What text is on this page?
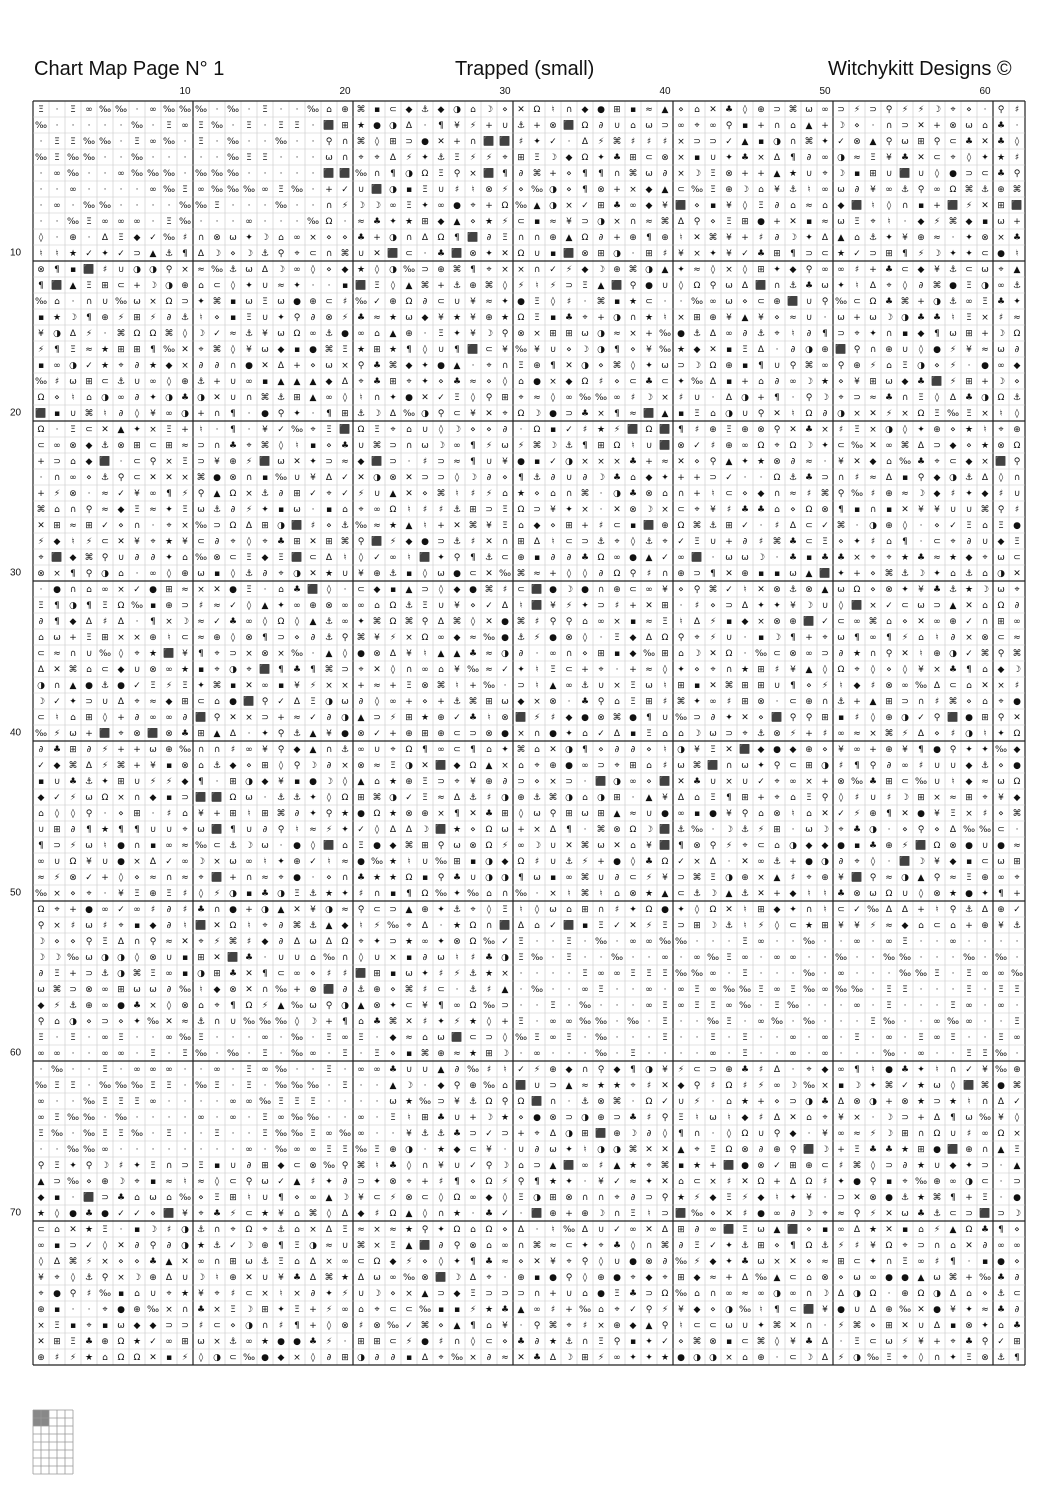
Chart Map Page N° 1	Trapped (small)	Witchykitt Designs ©
10	20	30	40	50	60
10
20
30
40
50
60
70
Ξ · Ξ ∞ ‰ ‰ · ∞ ‰ ‰ ‰ · ‰ · Ξ · · ‰ ⌂ ⊕ ⌘ ▪ ⊂ ◆ ⚓ ◆ ◑ ⌂ ☽ ⋄ ✕ Ω ♮ ∩ ◆ ● ⊞ ▪ ≈ ▲ ⋄ ⌂ ✕ ♣ ◊ ⊕ ⊃ ⌘ ω ∞ ⊃ ⚡ ⊃ ⚲ ⚡ ⚡ ☽ ⌖ ⋄ · ⚲ ♯
‰ · · · · · ‰ · Ξ ∞ Ξ ‰ · Ξ · Ξ Ξ · ⬛ ⊞ ★ ● ◑ Δ · ¶ ¥ ⚡ + ∪ ⚓ + ⊗ ⬛ Ω ∂ ∪ ⌂ ω ⊃ ∞ ⌖ ∞ ⚲ ▪ + ∩ ⌂ ▲ + ☽ ⋄ · ∩ ⊃ ✕ + ⊗ ω ⌂ ♣ ·
· Ξ Ξ ‰ ‰ · Ξ ∞ ‰ · Ξ · ‰ · · ‰ · · ⚲ ∩ ⌘ ◊ ⊞ ⊃ ● ✕ + ∩ ⬛ ⬛ ♯ ✦ ✓ · Δ ⚡ ⌘ ♯ ♯ ♯ × ⊃ ⊃ ✓ ▲ ▪ ◑ ∩ ⌘ ✦ ✓ ⊗ ▲ ⚲ ω ⊞ ⚲ ⊂ ♣ ✕ ♣ ◊
‰ Ξ ‰ ‰ · · ‰ · · · · · ‰ Ξ Ξ · · · ω ∩ ⌖ ⌖ Δ ⚡ ✦ ⚓ Ξ ⚡ ⚡ ⌖ ⊞ Ξ ☽ ◆ Ω ✦ ♣ ⊞ ⊂ ⊗ × ▪ ∪ ✦ ♣ × Δ ¶ ∂ ∞ ◑ ≈ Ξ ¥ ♣ ✕ ⊂ ⌖ ◊ ✦ ★ ♯
· ∞ ‰ · · ∞ ‰ ‰ ‰ · ‰ ‰ ‰ · · · · · ⬛ ⬛ ‰ ∩ ¶ ◑ Ω Ξ ⚲ × ⬛ ¶ ∂ ⌘ + ⋄ ¶ ¶ ∩ ⌘ ω ∂ × ☽ Ξ ⊗ + + ▲ ★ ∪ ⌖ ☽ ▪ ⊞ ∪ ⬛ ∪ ◊ ● ⊃ ⊂ ♣ ⚲
· · ∞ · · · · ∞ ‰ Ξ ∞ ‰ ‰ ‰ ∞ Ξ ‰ · + ✓ ∪ ⬛ ◑ ▪ Ξ ∪ ♯ ♮ ⊗ ⚡ ⋄ ‰ ◑ ⋄ ¶ ⊗ + × ◆ ▲ ⊂ ‰ Ξ ⊕ ☽ ⌂ ¥ ⚓ ♮ ∞ ω ∂ ¥ ∞ ⚓ ⚲ ∞ Ω ⌘ ⚓ ⊕ ⌘
· ∞ · ‰ ‰ · · · · ‰ ‰ Ξ · · · ‰ · · ∩ ⚡ ☽ ☽ ∞ Ξ ✦ ∞ ● ⌖ + Ω ‰ ▲ ◑ × ✓ ⊞ ♣ ∞ ◆ ¥ ⬛ ⋄ ▪ ¥ ◊ Ξ ∂ ⌂ ≈ ⌂ ◆ ⬛ ♮ ◊ ∩ ▪ + ⬛ ⚡ ✕ ⊞ ⬛
· · ‰ Ξ ∞ ∞ ∞ · Ξ ‰ · · · ∞ · · · ‰ Ω · ≈ ♣ ✦ ★ ⊞ ◆ ▲ ⋄ ★ ⚡ ⊂ ▪ ≈ ¥ ⊃ ◑ × ∩ ≈ ⌘ Δ ⚲ ⋄ Ξ ⊞ ● + ✕ ▪ ≈ ω Ξ ⌖ ♮ · ◆ ⚡ ⌘ ◆ ▪ ω +
◊ · ⊕ · Δ Ξ ◆ ✓ ‰ ♯ ∩ ⊗ ω ✦ ☽ ⌂ ∞ × ⋄ ⋄ ♣ + ◑ ∩ Δ Ω ¶ ⬛ ∂ Ξ ∩ ∩ ⊕ ▲ Ω ∂ + ⊕ ¶ ⊕ ♮ ✕ ⌘ ¥ + ♯ ∂ ☽ ✦ Δ ▲ ⌂ ⚓ ✦ ¥ ⊕ ≈ · ✦ ⊗ × ♣
♮ ♮ ★ ✓ ✦ ✓ ⊃ ▲ ⚓ ¶ Δ ☽ ⋄ ☽ ⚓ ⚲ ⌖ ⊂ ∩ ⌘ ∪ ✕ ⬛ ⊂ · ♣ ⬛ ⊗ ✦ ✕ Ω ∪ ▪ ⬛ ⊗ ⊞ ◑ · ⊞ ♯ ¥ × ✦ ¥ ✓ ♣ ⊞ ¶ ⊃ ⊂ ★ ✓ ⊃ ⊞ ¶ ⚡ ☽ ✦ ✦ ⊂ ● ♮
⊗ ¶ ▪ ⬛ ♯ ∪ ◑ ◑ ⚲ × ≈ ‰ ⚓ ω Δ ☽ ∞ ◊ ⋄ ◆ ★ ◊ ◑ ‰ ⊃ ⊕ ⌘ ¶ ⌖ × × ∩ ✓ ⚡ ◆ ☽ ⊕ ⌘ ◑ ▲ ✦ ≈ ◊ × ◊ ⊞ ✦ ◆ ⚲ ∞ ∞ ♯ + ♣ ⊂ ◆ ¥ ⚓ ⊂ ω ⌖ ▲
¶ ⬛ ▲ Ξ ⊞ ⊂ + ☽ ◑ ⊕ ⌂ ⊂ ◊ ✦ ∪ ≈ ✦ · · ▪ ⬛ Ξ ◊ ▲ ⌘ + ⚓ ⊕ ⌘ ◊ ⚡ ♮ ⚡ ⊃ Ξ ▲ ⬛ ⚲ ● ∪ ◊ Ω ⚲ ω Δ ⬛ ∩ ⚓ ♣ ω ✦ ♮ Δ ⌖ ◊ ∂ ⌘ ● Ξ ◑ ∞ ⚓
‰ ⌂ · ∩ ∪ ‰ ω × Ω ⊃ ✦ ⌘ ▪ ω Ξ ω ● ⊕ ⊂ ♯ ‰ ✓ ⊕ Ω ∂ ⊂ ∪ ¥ ≈ ✦ ● Ξ ◊ ♯ · ⌘ ▪ ★ ⊂ · · ‰ ∞ ω ⋄ ⊂ ⊕ ⬛ ∪ ⚲ ‰ ⊂ Ω ♣ ⌘ + ◑ ⚓ ∞ Ξ ♣ ✦
▪ ★ ☽ ¶ ⊕ ⚡ ⊞ ⚡ ∂ ⚓ ♮ ⋄ ▪ Ξ ∪ ✦ ⚲ ∂ ⊗ ⚡ ♣ ≈ ★ ω ◆ ¥ ★ ¥ ⊕ ★ Ω Ξ ▪ ♣ ⌖ + ◑ ∩ ★ ♮ × ⊞ ⊕ ¥ ▲ ¥ ⋄ ≈ ∪ · ω + ω ☽ ◑ ♣ ♣ ♮ Ξ × ♯ ≈
¥ ◑ Δ ⚡ · ⌘ Ω Ω ⌘ ◊ ☽ ✓ ≈ ⚓ ¥ ω Ω ∞ ⚓ ● ∞ ⌂ ▲ ⊕ · Ξ ✦ ¥ ☽ ⚲ ⊗ × ⊞ ⊞ ω ◑ ≈ × + ‰ ● ⚓ Δ ∞ ∂ ⚓ ⌖ ♮ ∂ ¶ ⊃ ⌖ ✦ ∩ ▪ ◆ ¶ ω ⊞ + ☽ Ω
⚡ ¶ Ξ ≈ ★ ⊞ ⊞ ¶ ‰ ✕ ⌖ ⌘ ◊ ¥ ω ◆ ▪ ● ⌘ Ξ ★ ⊞ ★ ¶ ◊ ∪ ¶ ⬛ ⊂ ¥ ‰ ¥ ∪ ⋄ ☽ ◑ ¶ ⋄ ¥ ‰ ★ ◆ ✕ ▪ Ξ Δ · ∂ ◑ ⊕ ⬛ ⚲ ∩ ⊕ ∪ ◊ ● ⚡ ¥ ≈ ω ∂
▪ ∞ ◑ ✓ ★ ⌖ ∂ ★ ◆ × ∂ ∂ ∩ ● ✕ Δ + ⋄ ω × ⚲ ♣ ⌘ ◆ ✦ ● ▲ · ⌖ ∩ Ξ ⊕ ¶ ✕ ◑ ⋄ ⌘ ◊ ✦ ω ⊃ ☽ Ω ⊕ ▪ ¶ ∪ ⚲ ⌘ ∞ ⚲ ⊕ ⚡ ⌂ Ξ ◑ ⋄ ⚡ · ● ∞ ◆
‰ ♯ ω ⊞ ⊂ ⚓ ∪ ∞ ◊ ⊕ ⚓ + ∪ ∞ ▪ ▲ ▲ ▲ ◆ Δ ⌖ ♣ ⊞ ⌖ ✦ ⋄ ♣ ≈ ⋄ ◊ ⌂ ● × ◆ Ω ♯ ⋄ ⊂ ♣ ⊂ ✦ ‰ Δ ▪ + ⌂ ∂ ∞ ☽ ★ ⋄ ¥ ⊞ ω ◆ ♣ ⬛ ⚡ ⊞ + ☽ ⋄
Ω ⋄ ♮ ⌂ ◑ ∞ ∂ ✦ ◑ ♣ ◑ ✕ ∪ ∩ ⌘ ⚓ ⊞ ▲ ∞ ◊ ♮ ∩ ✦ ● ✕ ✓ Ξ ◊ ⚲ ⊞ ⌖ ≈ ◊ ∞ ‰ ‰ ∞ ♯ ☽ × ♯ ∪ · Δ ◑ + ¶ · ⚲ ☽ ⌖ ⊃ ≈ ♣ ∩ Ξ ◊ Δ ♣ ◑ Ω ⚓
⬛ ▪ ∪ ⌘ ♮ ∂ ◊ ¥ ∞ ◑ + ∩ ¶ · ● ⚲ ✦ · ¶ ⊞ ⚓ ☽ Δ ‰ ◑ ⚲ ⊂ ¥ ✕ ⌖ Ω ☽ ● ⊃ ♣ × ¶ ≈ ⬛ ▲ ▪ Ξ ⌂ ◑ ∪ ⚲ ✕ ♮ Ω ∂ ◑ × ✕ ⚡ × Ω Ξ ‰ Ξ × ♮ ◊
Ω · Ξ ⊂ ✕ ▲ ✦ × Ξ + ♮ · ¶ · ¥ ✓ ‰ ⌖ Ξ ⬛ Ω Ξ ⌖ ⌂ ∪ ◊ ☽ ⋄ ⋄ ∂ · Ω ▪ ✓ ♯ ★ ⚡ ⬛ Ω ⬛ ¶ ♯ ⊕ Ξ ⊕ ⊗ ⚲ ✕ ♣ × ♯ Ξ × ◑ ◊ ✦ ⊕ ⋄ ★ ♮ ⌖ ⊕
⊂ ∞ ⊗ ◆ ⚓ ⊗ ⊞ ⊂ ⊞ ≈ ⊃ ∩ ♣ ⌖ ⌘ ◊ ♮ ▪ ⋄ ♣ ∪ ⌘ ⊃ ∩ ω ☽ ∞ ¶ ⚡ ω ⚡ ⌘ ☽ ⚓ ¶ ⊞ Ω ♮ ∪ ⬛ ⊗ ✓ ♯ ⊕ ∞ Ω ⌖ Ω ☽ ✦ ⊂ ‰ ✕ ∞ ⌘ Δ ⊃ ◆ ⋄ ★ ⊗ Ω
+ ⊃ ⌂ ◆ ⬛ · ⊂ ⚲ × Ξ ⊃ ¥ ⊕ ⚡ ⬛ ω ✕ ✦ ⊃ ≈ ◆ ⬛ ⊃ · ♯ ⊃ ≈ ¶ ∪ ¥ ● ▪ ✓ ◑ × × × ♣ + ≈ ✕ ⋄ ⚲ ▲ ✦ ★ ⊗ ∂ ≈ · ¥ ✕ ◆ ⌂ ‰ ♣ ⌖ ⊂ ◆ × ⬛ ⚲
· ∩ ∞ ⋄ ⚓ ⚲ ⊂ ✕ ✕ × ⌘ ● ⊗ ∩ ▪ ‰ ∪ ¥ Δ ✓ ✕ ◑ ⊗ ✕ ⊃ ⊃ ◊ ☽ ∂ ⋄ ¶ ⚓ ∂ ∪ ∂ ☽ ♣ ⌂ ◆ ✦ + + ⊃ ✓ · · Ω ⚓ ♣ ⊃ ∩ ♯ ≈ Δ ▪ ⚲ ◆ ◑ ⚓ Δ ◊ ∩
+ ⚡ ⊗ · ≈ ✓ ¥ ∞ ¶ ⚡ ⚲ ▲ Ω × ⚓ ∂ ⊞ ✓ ⌖ ✓ ⚡ ∪ ▲ ✕ ⋄ ⌘ ♮ ♯ ⚡ ⌂ ★ ⋄ ⌂ ∩ ⌘ · ◑ ♣ ⊗ ⌂ ∩ + ♮ ⊂ ⋄ ◆ ∩ ≈ ♯ ⌘ ⚲ ‰ ♯ ⊕ ≈ ☽ ◆ ♯ ✦ ◆ ♯ ∪
⌘ ⌂ ∩ ⚲ ≈ ◆ Ξ ≈ ✦ Ξ ω ⚓ ∂ ⚡ ✦ ▪ ω · ▪ ⌂ ⌖ ∞ Ω ♮ ♯ ♯ ⚓ ⊞ ⊃ Ξ Ω ⊃ ¥ ✦ × · ✕ ⊗ ☽ × ⊂ ⌖ ¥ ♯ ♣ ♣ ⌂ ⋄ Ω ⊗ ¶ ▪ ∩ ▪ ✕ ¥ ¥ ∪ ∪ ⌘ ⚲ ♯
✕ ⊞ ≈ ⊞ ✓ ⋄ ∩ · ⌖ × ‰ ⊃ Ω Δ ⊞ ◑ ⬛ ♯ ⋄ ⚓ ‰ ≈ ★ ▲ ♮ + ✕ ⌘ ¥ Ξ ⌂ ◆ ⋄ ⊞ + ♯ ⊂ ▪ ⬛ ⊕ Ω ⌘ ⚓ ⊞ ✓ · ♯ Δ ⊂ ✓ ⌘ · ◑ ⊕ ◊ · ⋄ ✓ Ξ ⌂ Ξ ●
⚡ ◆ ♮ ⚡ ⊂ ✕ ¥ ⌖ ★ ¥ ⊂ ∂ ⌖ ◊ ⌖ ♣ ⊞ ✕ ⊞ ⌘ ⚲ ⬛ ⚡ ◆ ● ⊃ ⚓ ♯ ✕ ∩ ⊞ Δ ♮ ⊂ ⊃ ⚓ ⌖ ◊ ⚓ ⌖ ✓ Ξ ∪ + ∂ ♯ ⌘ ♣ ⊂ Ξ ⋄ ✦ ♯ ⌂ ¶ · ⊂ ⌖ ∂ ∪ ◆ Ξ
⌖ ⬛ ◆ ⌘ ⚲ ∪ ∂ ∂ ✦ ⌂ ‰ ⊗ ⊂ Ξ ◆ Ξ ⬛ ⊂ Δ ♮ ◊ ✓ ∞ ♮ ⬛ ✦ ⚲ ¶ ⚓ ⊂ ⊕ ▪ ∂ ∂ ♣ Ω ∞ ● ▲ ✓ ∞ ⬛ · ω ω ☽ · ♣ ▪ ♣ ♣ × ⌖ ⌖ ★ ♣ ≈ ★ ◆ ⌖ ω ⊂
⊗ × ¶ ⚲ ◑ ⌂ · ∞ ◊ ⊕ ω ▪ ◊ ⚓ ∂ ⌖ ◑ ✕ ★ ∪ ¥ ⊕ ⚓ ▪ ◊ ω ● ⊂ ✕ ‰ ⌘ ≈ + ◊ ◊ ∂ Ω ⚲ ♯ ∩ ⊕ ⊃ ¶ ✕ ⊕ ▪ ▪ ω ▲ ⬛ ✦ + ⋄ ⌘ ⚓ ☽ ✦ ⌂ ⚓ ⌂ ◑ ✕
· ● ∩ ⌂ ∞ × ✓ ● ⊞ ≈ × ✕ ● Ξ · ⌂ ♣ ⬛ ◊ · ⊂ ◆ ▪ ▲ ⊃ ◊ ◆ ● ⌘ ♯ ⊂ ⬛ ● ☽ ● ∩ ⊕ ⊂ ∞ ¥ ⋄ ⚲ ⌘ ✓ ♮ ✕ ⊗ ⚓ ⊗ ▲ ω Ω ⋄ ⊗ ✦ ¥ ♣ ⚓ ★ ☽ ω ⌖
Ξ ¶ ◑ ¶ Ξ Ω ‰ ▪ ⊕ ⊃ ♯ ≈ ✓ ◊ ▲ ✦ ∞ ⊕ ⊗ ∞ ∞ ⌂ Ω ⚓ Ξ ∪ ¥ ⋄ ✓ Δ ♮ ⬛ ¥ ⚡ ✦ ⊃ ♯ + ✕ ⊞ · ♯ ⋄ ⊃ Δ ✦ ✦ ¥ ☽ ∪ ◊ ⬛ × ✓ ⊂ ω ⊃ ▲ ✕ ⌂ Ω ∂
∂ ¶ ◆ Δ ♯ Δ · ¶ × ☽ ≈ ✓ ♣ ∞ ◊ Ω ◊ ▲ ⚓ ∞ ✦ ⌘ Ω ⌘ ⚲ Δ ⌘ ◊ ✕ ● ⌘ ♯ ⚲ ⚲ ⌂ ∞ × ▪ ≈ Ξ ♮ Δ ⚡ ▪ ◆ × ⊗ ⊕ ⬛ ✓ ⊂ ∞ ⌘ ⌂ ⋄ ✕ ∞ ⊕ ✓ ∩ ⊞ ∞
⌂ ω + Ξ ⊞ × × ⊕ ♮ ⊂ ≈ ⊕ ◊ ⊗ ¶ ⊃ ⋄ ∂ ⚓ ⚲ ⌘ ¥ ⚡ × Ω ∞ ◆ ≈ ‰ ● ⚓ ⚡ ● ⊗ ◊ · Ξ ◆ Δ Ω ⚲ ⌖ ⚡ ∪ · ▪ ☽ ¶ + ⌖ ω ¶ ∞ ¶ ⚡ ⌂ ♮ ∂ × ⊗ ⊂ ≈
⊂ ≈ ∩ ∪ ‰ ◊ ⌖ ★ ⬛ ¥ ¶ ⌖ ⊃ × ⊗ × ‰ · ▲ ◊ ● ⊗ Δ ¥ ♮ ▲ ▲ ♣ ≈ ◑ ∂ · ∞ ∩ ⋄ ⊞ ▪ ◆ ‰ ⊞ ⌂ ☽ ✕ Ω · ‰ ⊂ ⊗ ∞ ⊃ ∂ ★ ∩ ⚲ ✕ ♮ ⊕ ◑ ✓ ⌘ ⚲ ⌘
Δ ✕ ⌘ ⌂ ⊂ ◆ ∪ ⊗ ∞ ★ ▪ ⌖ ◑ ⌖ ⬛ ¶ ♣ ¶ ⌘ ⊃ ⌖ ✕ ◊ ∩ ∞ ⌂ ¥ ‰ ≈ ✓ ✦ ♮ Ξ ⊂ + ⌖ · + ≈ ◊ ✦ ⋄ ⌖ ∩ ★ ⊞ ♯ ¥ ▲ ◊ Ω ⌖ ◊ ⋄ ◊ ¥ × ♣ ¶ ⌂ ◆ ☽
◑ ∩ ▲ ● ⚓ ● ✓ Ξ ⚡ Ξ ✦ ⌘ ▪ ✕ ∞ ▪ ¥ ⚡ × × + ≈ + Ξ ⊗ ⌘ ♮ + ‰ · ⊃ ♮ ▲ ∞ ⚓ ∪ × Ξ ω ♮ ⊞ ▪ ✕ ⌘ ⊞ ⊞ ∪ ¶ ⋄ ⚡ ♮ ◆ ♯ ⊗ ∞ ‰ Δ ⊂ ⌂ ✕ × ♯
☽ ✓ ✦ ⊃ ∪ Δ ⌖ ≈ ◆ ⊞ ⊂ ⌂ ● ⬛ ⚲ ✓ Δ Ξ ◑ ω ∂ ◊ ∞ + ⋄ + ⚓ ⌘ ⊞ ω ◆ × ⊗ · ♣ ⚲ ⌂ Ξ ⊞ ♯ ⌘ ✦ ∞ ♯ ⊞ ⊗ · ⊂ ⊕ ∩ ⚓ + ▲ ⊞ ⊃ ∩ ♯ ⌘ ⋄ ⌂ ⌖ ●
⊂ ♮ ⌂ ⊞ ◊ + ∂ ∞ ∞ ∂ ⬛ ⚲ ✕ × ⊃ + ≈ ✓ ∂ ◑ ▲ ⊃ ⚡ ⊞ ★ ⊕ ✓ ♣ ♮ ⊗ ⬛ ⚡ ♯ ◆ ● ⊗ ⌘ ● ¶ ∪ ‰ ⊃ ∂ ✦ ✕ ⋄ ⬛ ⚲ ⚲ ⊞ ▪ ♯ ◊ ⊕ ◑ ✓ ⚲ ⬛ ● ⊞ ⚲ ✕
‰ ⚡ ω + ⬛ ⌖ ⊗ ⬛ ⊗ ♣ ⊞ ▲ Δ · ✦ ⚲ ⚓ ▲ ¥ ● ⊗ ✓ + ⊕ ⊞ ⊕ ⊂ ⊃ ⊗ ● × ∩ ● ✦ ⌂ ✓ Δ ▪ Ξ ⌂ ⌂ ☽ ω ⊃ ⌖ ⚓ ⊗ ⚡ + ♯ ∞ ≈ × ⌘ ⚡ Δ ⋄ ♯ ◑ ♮ ✦ Ω
∂ ♣ ⊞ ∂ ⚡ + + ω ⊕ ‰ ∩ ∩ ♯ ∞ ¥ ⚲ ◆ ▲ ∩ ⚓ ∞ ∪ ⌖ Ω ¶ ∞ ⊂ ¶ ⌂ ✦ ⌘ ⌂ ✕ ◑ ¶ ⋄ ∂ ∂ ⋄ ♮ ◑ ¥ Ξ ✕ ⬛ ◆ ● ◆ ⊕ ⋄ ¥ ∞ + ⊕ ¥ ¶ ● ⚲ ✦ ✦ ‰ ◆
✓ ◆ ⌘ Δ ⚡ ⌘ + ¥ ▪ ⊗ ⌂ ⚓ ◆ ⋄ ⊞ ◊ ⚲ ☽ ∂ × ⊗ ≈ Ξ ◑ ✕ ⬛ ◆ Ω ▲ × ⌂ ⌖ ⊕ ● ∞ ⊃ ⌖ ⊞ ⌂ ♯ ω ⌘ ⬛ ∩ ω ✦ ⚲ ⊂ ⊞ ◑ ♯ ¶ ⚲ ∂ ∞ ♯ ∪ ∪ ◆ ⚓ ⋄ ●
▪ ∪ ♣ ⚓ ✦ ⊞ ∪ ⚡ ⚡ ◆ ¶ · ⊞ ◑ ◆ ¥ ▪ ● ☽ ◊ ▲ ⌂ ★ ⊕ Ξ ⊃ ⌖ ¥ ⊕ ∂ ⊃ ⋄ × ⊃ · ⬛ ◑ ∞ ⋄ ⬛ ✕ ♣ ∪ × ∪ ✓ ⌖ ∞ × + ⊗ ‰ ♣ ⊞ ⊂ ‰ ∪ ♮ ◆ ≈ ω Ω
◆ ✓ ⚡ ω Ω × ∩ ◆ ▪ ⊃ ⬛ ⬛ Ω ω · ⚓ ⚓ ✦ ◊ Ω ⊞ ⌘ ◑ ✓ Ξ ≈ Δ ⚓ ♯ ◑ ⊕ ⚓ ⌘ ◑ ⌂ ◑ ⊞ · ▲ ¥ Δ ⌂ Ξ ¶ ⊞ + ⌖ ⌂ Ξ ⚲ ◊ ♯ ∪ ♯ ☽ ⊞ × ≈ ⊞ ⌖ ¥ ◆
⌂ ◊ ◊ ⚲ · ⋄ ⊞ · ♯ ⌂ ¥ + ⊞ ♮ ⊞ ⌘ ∂ ✦ ⚲ ★ ● Ω ★ ⊗ ⊕ × ¶ ✕ ♣ ⊞ ◊ ω ⚲ ⊞ ω ⊞ ▲ ≈ ∪ ● ∞ ▪ ● ¥ ⚲ ⌂ ⊗ ♮ ⌂ ✕ ✓ ⚡ ⊕ ¶ ✕ ● ¥ Ξ × ♯ ⋄ ⌘
∪ ⊞ ∂ ¶ ★ ¶ ¶ ∪ ∪ ⌖ ω ⬛ ¶ ∪ ∂ ⚲ ♮ ≈ ⚡ ✦ ✓ ◊ Δ Δ ☽ ⬛ ★ ⋄ Ω ω + × Δ ¶ · ⌘ ⊗ Ω ☽ ⬛ ⚓ ‰ · ☽ ⚓ ⚡ ⊞ · ω ☽ ⌖ ♣ ◑ · ⋄ ⚲ ⋄ Δ ‰ ‰ ⊂ ·
¶ ⊃ ⚡ ω ♮ ● ∩ ▪ ∞ ≈ ‰ ⊂ ⚓ ☽ ω · ● ◊ ⬛ ⌂ Ξ ● ◆ ⌘ ⊞ ⚲ ω ⊗ Ω ⚡ ∞ ☽ ∪ ✕ ⌘ ω ✕ ⌂ ¥ ⬛ ¶ ⊗ ⚲ ⚡ ⌖ ⊂ ⌂ ◑ ◆ ◆ ● ▪ ♣ ⊕ ⚡ ⬛ Ω ⊗ ● ∪ ● ≈
∞ ∪ Ω ¥ ∪ ● × Δ ✓ ∞ ☽ × ω ∞ ♮ ✦ ⊕ ✓ ♮ ≈ ● ‰ ★ ♮ ∪ ‰ ⊞ ▪ ◑ ◆ Ω ♯ ∪ ⚓ ⚡ + ● ◊ ♣ Ω ✓ × Δ · ✕ ∞ ⚓ + ● ◑ ∂ ⌖ ◊ · ⬛ ☽ ¥ ◆ ▪ ⊂ ω ⊞
≈ ⚡ ⊗ ✓ + ◊ ⋄ ≈ ∩ ≈ ⌖ ⬛ + ∩ ≈ ⌖ ● · ⋄ ∩ ♣ ★ ★ Ω ▪ ⚲ ♣ ∪ ◑ ◑ ¶ ω ▪ ∞ ⌘ ∪ ∂ ⊂ ⚡ ¥ ⊃ ⌘ Ξ ◑ ⊕ × ▲ ♯ ⌖ ⊕ ¥ ⬛ ⚲ ≈ ◑ ▲ ⚲ ≈ Ξ ⊕ ∞ ⌖
‰ × ⋄ ⌖ · ¥ Ξ ⊕ Ξ ♯ ◊ ⚡ ◑ ▪ ♣ ◑ Ξ ⚓ ★ ✦ ♯ ∩ ▪ ¶ Ω ‰ ✦ ‰ ⌂ ∩ ‰ · × ♮ ⌘ ♮ ⌂ ⊗ ★ ▲ ⊂ ⚓ ☽ ▲ ⚓ ✕ + ◆ ♮ ♮ ♣ ⊗ ω Ω ∪ ◊ ⊗ ★ ● ✦ ¶ +
Ω ⌖ + ● ∞ ✓ ∞ ♯ ∂ ♯ ♣ ∩ ● + ◑ ▲ ✕ ¥ ◑ ≈ ⚲ ⊂ ⊃ ▲ ⊕ ✦ ⚓ ⌖ ◊ Ξ ♮ ◊ ω ⌂ ⊞ ∩ ♯ ✦ Ω ● ✦ ◊ Ω ✕ ♮ ⊞ ◆ ✦ ∩ ♮ ⊂ ✓ ‰ Δ Δ + ♮ ⚲ ⚓ Δ ⊕ ✓
⚲ × ♯ ω ♯ ⌖ ▪ ◆ ∂ ♮ ⬛ ✕ Ω ♮ ⌖ ∂ ⌘ ⚓ ▲ ◆ ♮ ⚡ ‰ ⌖ Δ · ★ Ω ∩ ⬛ Δ ⌂ ✓ ⬛ ▪ Ξ ✓ ✕ ⚡ Ξ ⊃ ⊞ ☽ ⚓ ♮ ⚡ ◊ ⊂ ★ ⊞ ¥ ¥ ⚡ ≈ ◆ ⌂ ⊂ ⌂ + ⊕ ¥ ⚓
☽ ⋄ ⋄ ⚲ Ξ Δ ∩ ⚲ ≈ ✕ ⌖ ⚡ ⌘ ♯ ◆ ∂ Δ ω Δ Ω ⌖ ✦ ⊃ ★ ∞ ✦ ⊗ Ω ‰ ✓ Ξ · · Ξ · ‰ · ∞ ∞ ‰ ‰ · · · Ξ ∞ · · ‰ · · ∞ · ∞ Ξ · · ∞ · · · ·
☽ ☽ ‰ ω ◑ ◑ ◊ ⊗ ∪ ▪ ⊞ ✕ ⬛ ♣ · ∪ ∪ ⌂ ‰ ∩ ◊ ∪ × ▪ ∂ ω ♮ ♯ ♣ ◑ Ξ ‰ · Ξ · · ‰ · · ∞ · ∞ ‰ Ξ ∞ · ∞ ∞ · · ‰ · · ‰ ‰ · · · ‰ · ‰ ·
∂ Ξ + ⊃ ⚓ ◑ ⌘ Ξ ∞ ▪ ◑ ⊞ ♣ ✕ ¶ ⊂ ∞ ⋄ ♯ ♯ ⬛ ⊞ ▪ ω ✦ ♯ ⚡ ⚓ ★ × · · · · Ξ ∞ ∞ Ξ Ξ Ξ ‰ ‰ ∞ · Ξ · · · ‰ · ∞ · · · ‰ ‰ Ξ · Ξ ∞ ∞ ‰
ω ⌘ ⊃ ⊗ ∞ ⊞ ω ω ∂ ‰ ♮ ◆ ⊗ ✕ ∩ ‰ + ⊗ ⬛ ∂ ⚓ ⊕ ⋄ ⌘ ♯ ⊂ · ⚓ ♯ ▲ · ‰ · · ∞ Ξ · · ∞ · ∞ Ξ ∞ ‰ ‰ Ξ ∞ Ξ ‰ ∞ ‰ ‰ · Ξ Ξ · · · Ξ · Ξ Ξ
◆ ⚡ ⚓ ⊕ ∞ ● ♣ × ◊ ⊗ ⌂ ⌖ ¶ Ω ⚡ ▲ ‰ ω ⚲ ◑ ▲ ⊗ ✦ ⊂ ¥ ¶ ∞ Ω ‰ ⊃ · · Ξ · ‰ · · · ∞ Ξ ∞ Ξ Ξ ∞ ‰ · Ξ ‰ · · · ∞ · Ξ · · · Ξ ∞ · ∞ ·
⚲ ⌂ ◑ ⋄ ⊃ ⋄ ✦ ‰ ✕ ≈ ⚓ ∩ ∪ ‰ ‰ ‰ ◊ ☽ + ¶ ⌂ ♣ ⌘ ✕ ♯ ✦ ⚡ ★ ◊ + Ξ · ∞ ∞ ‰ ‰ · ‰ · Ξ · · ‰ Ξ · ∞ ‰ · ‰ · · · Ξ ‰ · · ∞ ‰ ∞ · · Ξ
Ξ · Ξ · ∞ Ξ · · ∞ ‰ Ξ · · · ∞ · ‰ · Ξ ∞ Ξ · ◆ ≈ ⌂ ω ⬛ ⊂ ⊃ ◊ ‰ Ξ ∞ Ξ · ‰ · · · Ξ · · Ξ · Ξ · · ∞ · ∞ · Ξ · ∞ · Ξ ∞ Ξ · · Ξ ∞
∞ ∞ · · ∞ ∞ · Ξ · Ξ ‰ · ‰ · Ξ · ‰ ∞ · Ξ · Ξ ⋄ ▪ ⌘ ⊕ ≈ ★ ⊞ ☽ · ∞ · · · ‰ · Ξ · · · · ∞ · Ξ · · ∞ · ∞ · · · ‰ · ∞ · · Ξ Ξ ‰ ·
· ‰ · · Ξ · ∞ ∞ ∞ · · ∞ · Ξ ∞ ‰ · · Ξ · ∞ ∞ ♣ ∪ ∪ ▲ ∂ ‰ ♯ ♮ ✓ ⚡ ⊕ ◆ ∩ ⚲ ◆ ¶ ◑ ¥ ⚡ ⊂ ⊃ ⊕ ♣ ♯ Δ · ⌖ ◆ ∞ ¶ ♮ ● ♣ ✦ ♮ ∩ ✓ ¥ ‰ ⊕
‰ Ξ Ξ · ‰ ‰ ‰ Ξ Ξ · ‰ Ξ · Ξ · ‰ ‰ ‰ · Ξ · · ▲ ☽ · ◆ ⚲ ⊕ ‰ ⌂ ⬛ ∪ ⊃ ▲ ≈ ★ ★ ⌖ ♯ ✕ ◆ ⚲ ♯ Ω ♯ ⚡ ∞ ☽ ‰ × ▪ ☽ ✦ ⌘ ✓ ★ ω ◊ ⬛ ⌘ ● ⌘
∞ · · ‰ Ξ Ξ Ξ ∞ · · · · ∞ ∞ ‰ Ξ Ξ Ξ · · · · ω ★ ‰ ⊃ ¥ ⚓ Ω ⚲ Ω ⬛ ∩ · ⚓ ⊗ ⌘ · Ω ✓ ∪ ⚡ · ⌂ ★ + ⋄ ⊃ ◑ ♣ Δ ⊗ ◑ + ⊗ ★ ⊃ ★ ♮ ∩ Δ ✓
∞ Ξ ‰ ‰ · ‰ · · · · ∞ · ∞ · Ξ ∞ ‰ ‰ · · ∞ · Ξ ♮ ⊞ ♣ ∪ + ☽ ★ ⋄ ● ⊗ ⊃ ◑ ⊕ ⊃ ♣ ♯ ⚲ Ξ ♮ ω ♮ ◆ ♯ Δ ✕ ⌂ ⌖ ¥ × · ☽ ⊃ + Δ ¶ ω ‰ ¥ ◊
Ξ ‰ · ‰ Ξ Ξ ‰ · Ξ · · Ξ · · Ξ ‰ ‰ Ξ ∞ ‰ ∞ · · ¥ ⚓ ⚓ ♣ ⊃ ✓ ⊃ + ⌖ Δ ◑ ⊞ ⬛ ⊕ ☽ ∂ ◊ ¶ ∩ · ◊ Ω ∪ ⚲ ◆ · ¥ ∞ ≈ ⚡ ☽ ⊞ ∩ Ω ∪ ♯ ∞ Ω ×
· · ‰ ‰ ∞ · · · · · · · · ∞ · ‰ ∞ ∞ Ξ Ξ ‰ Ξ ⊕ ◑ · ★ ◆ ⊂ ¥ · ∪ ∂ ω ✦ ♮ ◑ ◑ ⌘ ✕ ✕ ▲ ⌖ Ξ Ω ⊗ ∂ ⊕ ⚲ ⬛ ☽ + Ξ ♣ ♣ ★ ⊞ ● ⬛ ⊕ ∩ ▲ Ξ
⚲ Ξ ✦ ⚲ ☽ ♯ ✦ Ξ ∩ ⊃ Ξ ▪ ∪ ∂ ⊞ ◆ ⊂ ⊗ ‰ ⚲ ⌘ ♮ ♣ ◊ ∩ ¥ ∪ ✓ ⚲ ☽ ⌂ ⊃ ▲ ⬛ ∞ ♯ ▲ ★ ⌖ ⌘ ▪ ★ + ⬛ ● ⊗ ✓ ⊞ ⊕ ⊂ ♯ ⌘ ◊ ⊃ ∂ ★ ∪ ◆ ✦ ⊃ · ▲
▲ ⊃ ‰ ⋄ ⊕ ☽ ⌖ ▪ ≈ ♮ ≈ ◊ ⊂ ⚲ ω ✓ ▲ ♯ ✦ ∂ ⊃ ✦ ⊗ ⌖ + ♯ ¶ ⋄ Ω ⚡ ⚲ ¶ ★ ✦ · ¥ ✓ ≈ ✦ ✕ ⌂ ⊂ × ♯ ✕ Ω + Δ Ω ♯ ✦ ● ⚲ ▪ ⌖ ‰ ⊕ ∞ ◑ ⊂ · ⊃
◆ ▪ · ⬛ ⊃ ♣ ⌂ ω ⌂ ‰ ⋄ Ξ ⊞ ♮ ∪ ¶ ⋄ ∞ ▲ ☽ ¥ ⊂ ⚡ ⊗ ⊂ ◊ Ω ∞ ◆ ◊ Ξ ◑ ⊞ ⊗ ∩ ∩ ⌖ ∂ ⊃ ⚲ ★ ⚡ ◆ Ξ ⚡ ◆ ♮ ✦ ¥ · ⊃ ✕ ⊗ ● ⚓ ★ ⌘ ¶ + Ξ · ●
★ ◊ ● ♣ ● ✓ ✓ ⋄ ⬛ ¥ ⌖ ♣ ⚡ ⊂ ★ ¥ ⌂ ⌘ ◊ Δ ◆ ♯ Ω ▲ ◊ ∩ ★ · ♣ ✓ · ⬛ ⊕ + ⊕ ☽ ∩ Ξ ♮ ⊃ ⬛ ‰ ⋄ ✕ ♯ ● ∞ ∂ ☽ ⌖ ≈ ⚲ ⚡ ✕ ω ♣ ⚓ ⊂ ⊃ ⬛ ⊃ ☽
⊂ ⌂ ✕ ★ Ξ · ▪ ☽ ♯ ◑ ⚓ ∩ ⌖ Ω ⌖ ⚓ ⌂ × Δ Ξ ≈ × ≈ ★ ⚲ ✦ Ω ⌂ Ω ⋄ Δ · ♮ ‰ Δ ∪ ✓ ∞ ✕ Δ ⊞ ∂ ∞ ⬛ Ξ ω ▲ ⬛ ⋄ ▪ ∞ Δ ★ ✕ ▪ ⌂ ⚡ ▲ Ω ♣ ¶ ⋄
∞ ▪ ⊃ ✓ ◊ ✕ ∂ ⚲ ∂ ◑ ★ ⚓ ✓ ☽ ⊕ ¶ Ξ ◑ ≈ ∪ ⌘ × Ξ ▲ ⬛ ∂ ⚲ ⊗ ⌂ ∞ ∩ ⌘ ≈ ⊂ ✦ ⌖ ♣ ◊ ∩ ⌘ ∂ Ξ ✓ ✦ ⚓ ⊞ ⋄ ¶ Ω ⚓ ⚡ ♯ ¥ Ω ⌖ ⊃ ∩ ⌂ ✕ ∂ ∞ ∞
◊ Δ ⌘ ⚡ × ⋄ ⋄ ♣ ▲ ✕ ∞ ∩ ⊞ ω ⚓ Ξ ⌂ Δ × ∞ ⊂ Ω ◆ ⚡ ⋄ ◊ ✦ ¶ ♣ ≈ ⋄ ✕ ¥ ⌖ ⚲ ◊ ∪ ● ⊗ ∂ ‰ ⚡ ◆ ✦ ♣ ω × ✕ ⋄ ≈ ⊞ ⊂ ✦ ∩ Ξ ∞ ♯ ¶ · ▪ ● ⋄
¥ ⌖ ◊ ⚓ ⚲ × ☽ ⊕ Δ ∪ ☽ ♮ ⊕ ✕ ∪ ¥ ♣ Δ ⌘ ★ Δ ω ∞ ‰ ⊗ ⬛ ☽ Δ ⌖ · ⊕ ▪ ● ⚲ ◊ ⊕ ● ⌖ ◆ ⌖ ⊞ ◆ ≈ + Δ ‰ ▲ ⊂ ⌂ ⊗ ⋄ ω ∞ ● ● ▲ ω ⌘ + ‰ ♣ ∂
⌖ ● ⚲ ♯ ‰ ▪ ⌂ ∪ ⌖ ★ ¥ ⌖ ♯ ⊂ × ♮ × ∂ ✦ ⚡ ∪ ☽ ⋄ × ▲ ⊃ ◆ Ξ ⊃ ⊃ ⊃ ∩ + ∪ ⌂ ● Ξ ♣ ⊃ Ω ‰ ⌂ ∩ ∞ ≈ ∞ ◑ ∞ ∩ ☽ Δ ◑ Ω · ⊕ Ω ◑ Δ ⌂ ⋄ ⚓ ⊂
⊕ ▪ · · ⌖ ● ⊕ ‰ × ∩ ♣ × Ξ ☽ ⊞ ✦ Ξ + ⚡ ∞ ⌂ ⌖ ⊂ ⊂ ‰ ▪ ▪ ⚡ ★ ♣ ▲ ∞ ♯ + ‰ ⌂ ⌖ ✓ ⚲ ⚡ ¥ ◆ ⋄ ◑ ‰ ♮ ¶ ⊂ ⬛ ¥ ● ∪ Δ ⊕ ‰ ✕ ● ¥ ✦ ≈ ♣ ∂
× Ξ ▪ ⌖ ▪ ω ◆ ◆ ⊃ ⊃ ♯ ⊂ ⋄ ◑ ∩ ♯ ¶ + ◊ ⊗ ♯ ⊗ ‰ ✓ ⌘ ⋄ ▲ ¶ ⌂ ¥ · ⚲ ⌘ ⌖ ♯ × ⊕ ◆ ▲ ⚲ ♮ ⊂ ⊂ ω ∪ ✦ ⌘ ✕ ∩ · ⚡ ⌘ ⋄ ⊞ ✕ ∪ Δ ▪ ⊗ ✦ ⌂ ♣
✕ ⊞ Ξ ♣ ⊕ Ω ★ ✓ ∞ ⊞ ω × ⚓ ∞ ★ ● ● ♣ ⚡ · ⊞ ⊞ ⊂ ⚡ ● ♯ ∩ ◊ ⊂ ⋄ ♣ ∂ ★ ⚓ ∩ Ξ ⚲ ▪ ✦ ✓ ⋄ ⌘ ⊗ ▪ ⊂ ⌘ ◊ ¥ ♣ Δ · Ξ ⊂ ω ⚡ ¥ + ⌖ ♣ ⚲ ✓ ⊞
⊕ ♯ ⚡ ★ ⌂ Ω Ω ✕ ▪ ⚡ ◊ ◑ ⊂ ‰ ● ◆ × ◊ ∂ ⊞ ◑ ∂ ∂ ▪ Δ ⌖ ‰ × ∂ ≈ ✕ ♣ Δ ☽ ⊞ ⚡ ∞ ✦ ✦ ★ ● ◑ ◑ × ⌂ ⊕ · ⊂ ☽ Δ ⚡ ◑ ‰ Ξ ⌖ ◊ ∩ ✦ Ξ ⊗ ⚓ ¶
